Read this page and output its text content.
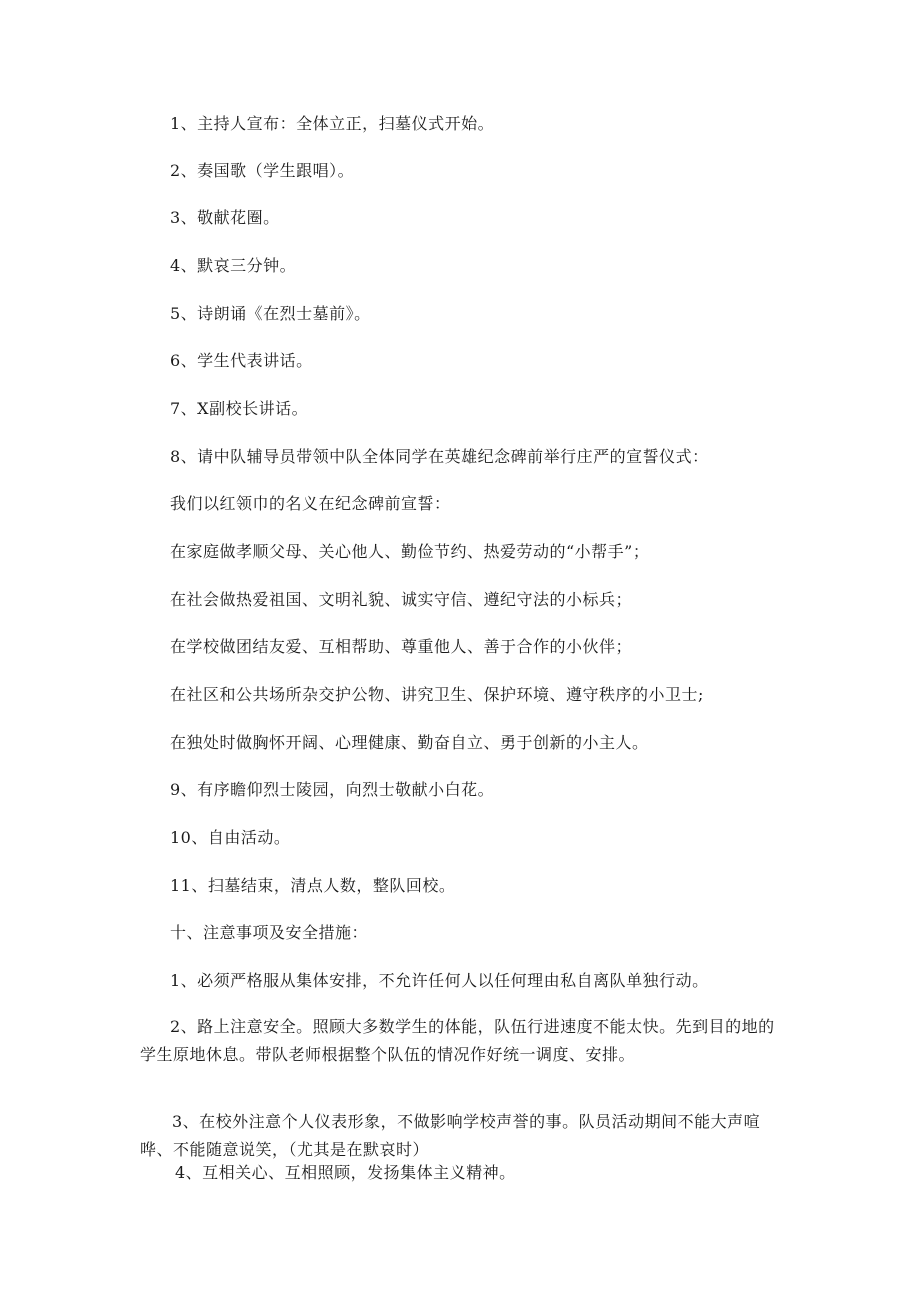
1、主持人宣布：全体立正，扫墓仪式开始。
2、奏国歌（学生跟唱）。
3、敬献花圈。
4、默哀三分钟。
5、诗朗诵《在烈士墓前》。
6、学生代表讲话。
7、X副校长讲话。
8、请中队辅导员带领中队全体同学在英雄纪念碑前举行庄严的宣誓仪式：
我们以红领巾的名义在纪念碑前宣誓：
在家庭做孝顺父母、关心他人、勤俭节约、热爱劳动的“小帮手”；
在社会做热爱祖国、文明礼貌、诚实守信、遵纪守法的小标兵；
在学校做团结友爱、互相帮助、尊重他人、善于合作的小伙伴；
在社区和公共场所杂交护公物、讲究卫生、保护环境、遵守秩序的小卫士;
在独处时做胸怀开阔、心理健康、勤奋自立、勇于创新的小主人。
9、有序瞻仰烈士陵园，向烈士敬献小白花。
10、自由活动。
11、扫墓结束，清点人数，整队回校。
十、注意事项及安全措施：
1、必须严格服从集体安排，不允许任何人以任何理由私自离队单独行动。
2、路上注意安全。照顾大多数学生的体能，队伍行进速度不能太快。先到目的地的学生原地休息。带队老师根据整个队伍的情况作好统一调度、安排。
3、在校外注意个人仪表形象，不做影响学校声誉的事。队员活动期间不能大声喧哗、不能随意说笑，（尤其是在默哀时）
4、互相关心、互相照顾，发扬集体主义精神。
